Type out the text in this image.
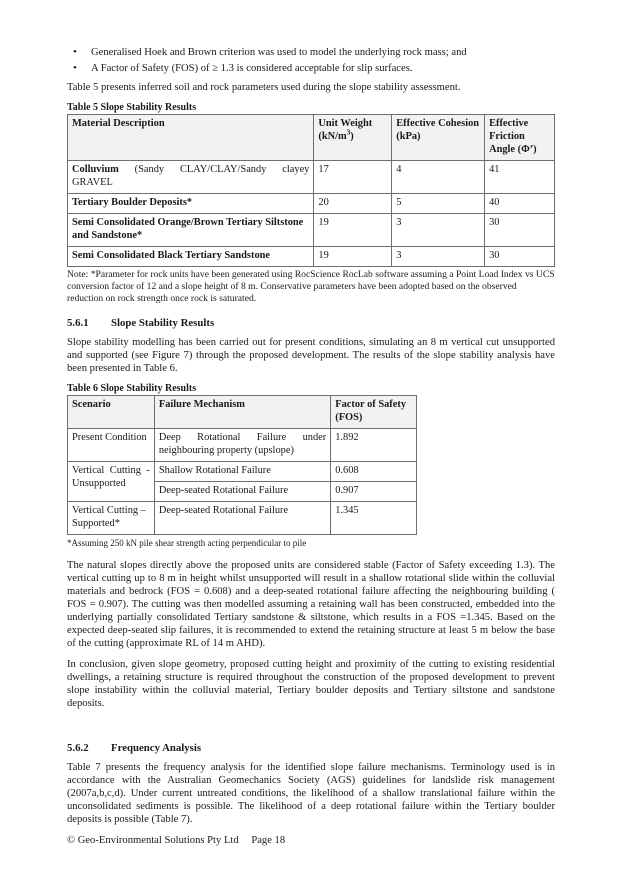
• Generalised Hoek and Brown criterion was used to model the underlying rock mass; and
• A Factor of Safety (FOS) of ≥ 1.3 is considered acceptable for slip surfaces.

Table 5 presents inferred soil and rock parameters used during the slope stability assessment.

Table 5 Slope Stability Results
Material Description	Unit Weight $(kN/m^3)$	Effective Cohesion (kPa)	Effective Friction Angle (Φ’)
Colluvium (Sandy CLAY/CLAY/Sandy clayey GRAVEL	17	4	41
Tertiary Boulder Deposits*	20	5	40
Semi Consolidated Orange/Brown Tertiary Siltstone and Sandstone*	19	3	30
Semi Consolidated Black Tertiary Sandstone	19	3	30

Note: *Parameter for rock units have been generated using RocScience RocLab software assuming a Point Load Index vs UCS conversion factor of 12 and a slope height of 8 m. Conservative parameters have been adopted based on the observed reduction on rock strength once rock is saturated.

5.6.1 Slope Stability Results

Slope stability modelling has been carried out for present conditions, simulating an 8 m vertical cut unsupported and supported (see Figure 7) through the proposed development. The results of the slope stability analysis have been presented in Table 6.

Table 6 Slope Stability Results
Scenario	Failure Mechanism	Factor of Safety (FOS)
Present Condition	Deep Rotational Failure under neighbouring property (upslope)	1.892
Vertical Cutting - Unsupported	Shallow Rotational Failure	0.608
	Deep-seated Rotational Failure	0.907
Vertical Cutting – Supported*	Deep-seated Rotational Failure	1.345

*Assuming 250 kN pile shear strength acting perpendicular to pile

The natural slopes directly above the proposed units are considered stable (Factor of Safety exceeding 1.3). The vertical cutting up to 8 m in height whilst unsupported will result in a shallow rotational slide within the colluvial materials and bedrock (FOS = 0.608) and a deep-seated rotational failure affecting the neighbouring building ( FOS = 0.907). The cutting was then modelled assuming a retaining wall has been constructed, embedded into the underlying partially consolidated Tertiary sandstone & siltstone, which results in a FOS =1.345. Based on the expected deep-seated slip failures, it is recommended to extend the retaining structure at least 5 m below the base of the cutting (approximate RL of 14 m AHD).

In conclusion, given slope geometry, proposed cutting height and proximity of the cutting to existing residential dwellings, a retaining structure is required throughout the construction of the proposed development to prevent slope instability within the colluvial material, Tertiary boulder deposits and Tertiary siltstone and sandstone deposits.

5.6.2 Frequency Analysis

Table 7 presents the frequency analysis for the identified slope failure mechanisms. Terminology used is in accordance with the Australian Geomechanics Society (AGS) guidelines for landslide risk management (2007a,b,c,d). Under current untreated conditions, the likelihood of a shallow translational failure within the unconsolidated sediments is possible. The likelihood of a deep rotational failure within the Tertiary boulder deposits is possible (Table 7).

© Geo-Environmental Solutions Pty Ltd Page 18
